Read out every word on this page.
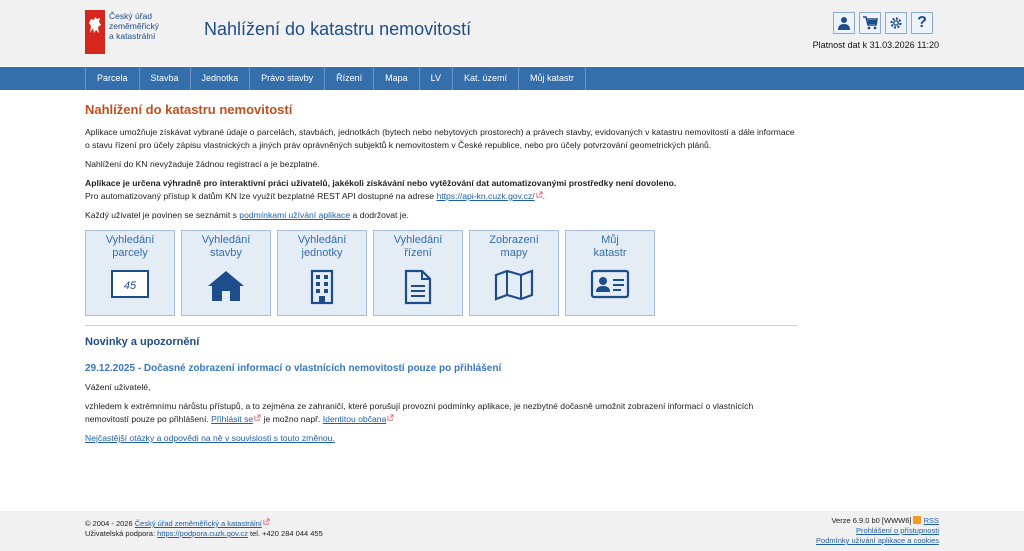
Český úřad
zeměměřický
a katastrální	Nahlížení do katastru nemovitostí	?
Platnost dat k 31.03.2026 11:20
Parcela	Stavba	Jednotka	Právo stavby	Řízení	Mapa	LV	Kat. území	Můj katastr
Nahlížení do katastru nemovitostí

Aplikace umožňuje získávat vybrané údaje o parcelách, stavbách, jednotkách (bytech nebo nebytových prostorech) a právech stavby, evidovaných v katastru nemovitostí a dále informace o stavu řízení pro účely zápisu vlastnických a jiných práv oprávněných subjektů k nemovitostem v České republice, nebo pro účely potvrzování geometrických plánů.

Nahlížení do KN nevyžaduje žádnou registraci a je bezplatné.

Aplikace je určena výhradně pro interaktivní práci uživatelů, jakékoli získávání nebo vytěžování dat automatizovanými prostředky není dovoleno.
Pro automatizovaný přístup k datům KN lze využít bezplatné REST API dostupné na adrese https://api-kn.cuzk.gov.cz/ .

Každý uživatel je povinen se seznámit s podmínkami užívání aplikace a dodržovat je.

Vyhledání
parcely
45
Vyhledání
stavby
Vyhledání
jednotky
Vyhledání
řízení
Zobrazení
mapy
Můj
katastr
Novinky a upozornění
29.12.2025 - Dočasné zobrazení informací o vlastnících nemovitostí pouze po přihlášení

Vážení uživatelé,

vzhledem k extrémnímu nárůstu přístupů, a to zejména ze zahraničí, které porušují provozní podmínky aplikace, je nezbytné dočasně umožnit zobrazení informací o vlastnících nemovitostí pouze po přihlášení. Přihlásit se je možno např. Identitou občana

Nejčastější otázky a odpovědi na ně v souvislosti s touto změnou.

© 2004 - 2026 Český úřad zeměměřický a katastrální
Uživatelská podpora: https://podpora.cuzk.gov.cz tel. +420 284 044 455
Verze 6.9.0 b0 [WWW6] RSS
Prohlášení o přístupnosti
Podmínky užívání aplikace a cookies
